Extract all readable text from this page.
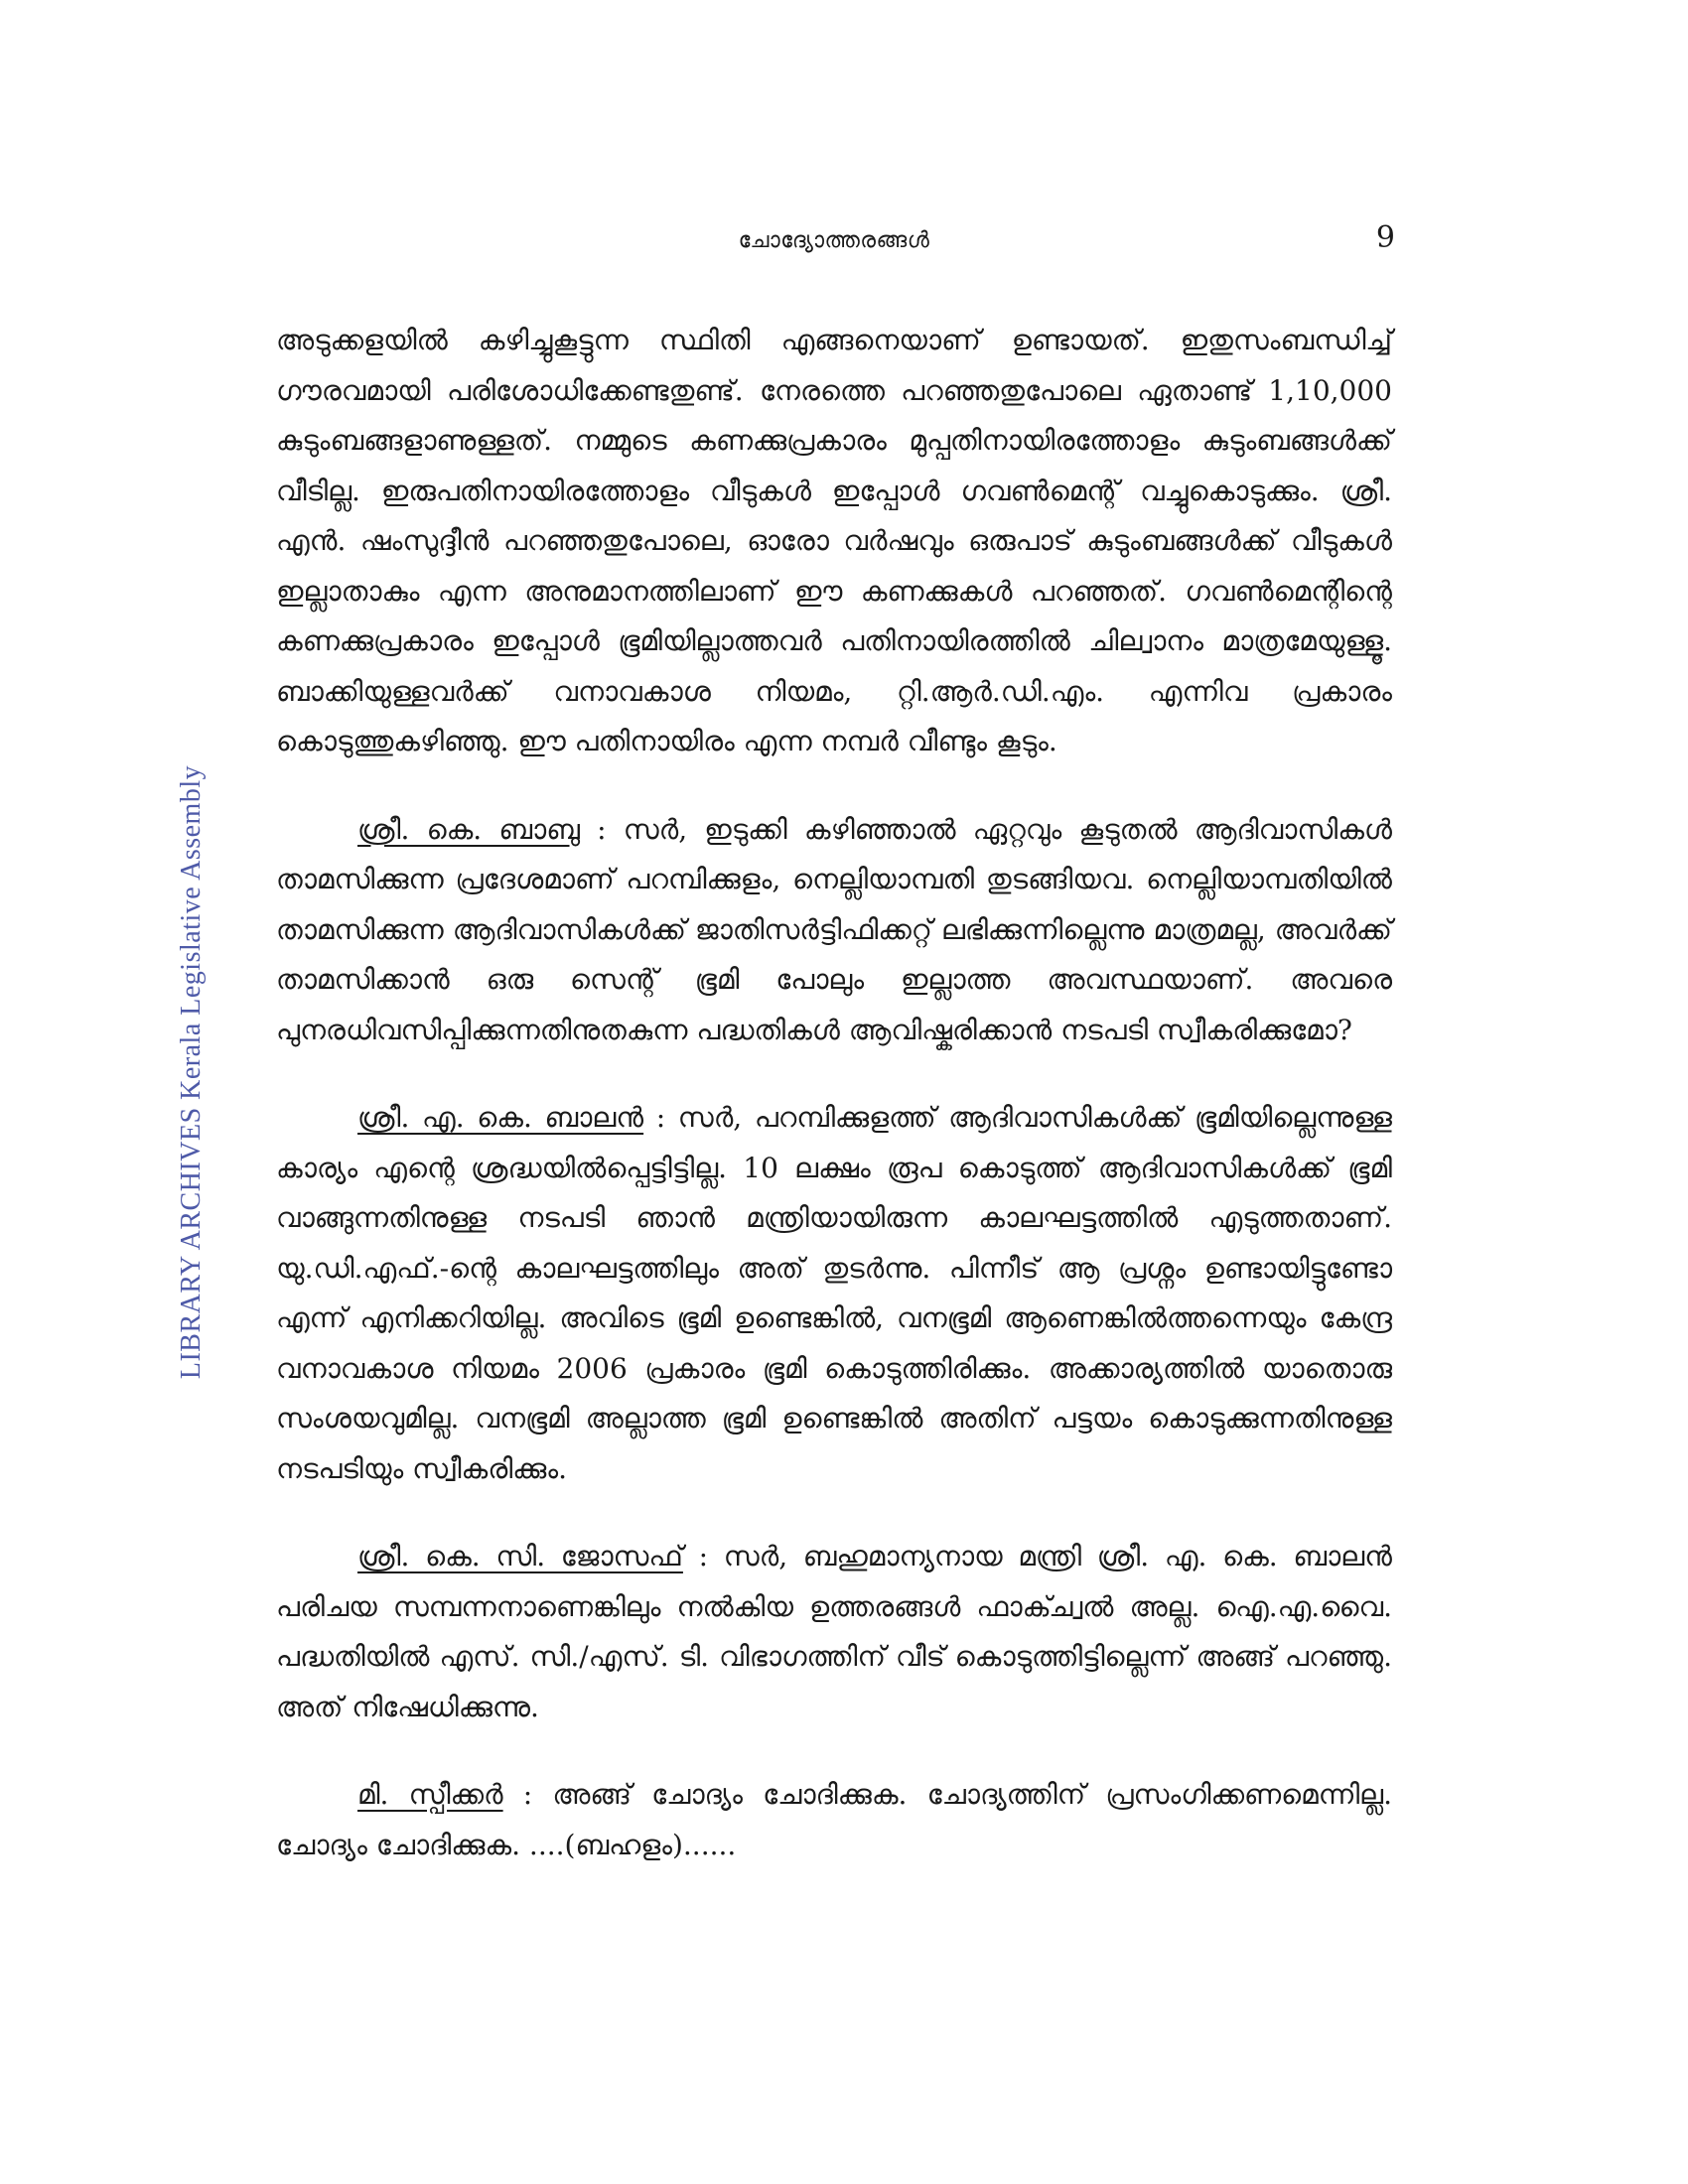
ചോദ്യോത്തരങ്ങൾ	9
LIBRARY ARCHIVES Kerala Legislative Assembly

അടുക്കളയിൽ കഴിച്ചുകൂട്ടുന്ന സ്ഥിതി എങ്ങനെയാണ് ഉണ്ടായത്. ഇതുസംബന്ധിച്ച് ഗൗരവമായി പരിശോധിക്കേണ്ടതുണ്ട്. നേരത്തെ പറഞ്ഞതുപോലെ ഏതാണ്ട് 1,10,000 കുടുംബങ്ങളാണുള്ളത്. നമ്മുടെ കണക്കുപ്രകാരം മുപ്പതിനായിരത്തോളം കുടുംബങ്ങൾക്ക് വീടില്ല. ഇരുപതിനായിരത്തോളം വീടുകൾ ഇപ്പോൾ ഗവൺമെന്റ് വച്ചുകൊടുക്കും. ശ്രീ. എൻ. ഷംസുദ്ദീൻ പറഞ്ഞതുപോലെ, ഓരോ വർഷവും ഒരുപാട് കുടുംബങ്ങൾക്ക് വീടുകൾ ഇല്ലാതാകും എന്ന അനുമാനത്തിലാണ് ഈ കണക്കുകൾ പറഞ്ഞത്. ഗവൺമെന്റിന്റെ കണക്കുപ്രകാരം ഇപ്പോൾ ഭൂമിയില്ലാത്തവർ പതിനായിരത്തിൽ ചില്വാനം മാത്രമേയുള്ളൂ. ബാക്കിയുള്ളവർക്ക് വനാവകാശ നിയമം, റ്റി.ആർ.ഡി.എം. എന്നിവ പ്രകാരം കൊടുത്തുകഴിഞ്ഞു. ഈ പതിനായിരം എന്ന നമ്പർ വീണ്ടും കൂടും.

ശ്രീ. കെ. ബാബു : സർ, ഇടുക്കി കഴിഞ്ഞാൽ ഏറ്റവും കൂടുതൽ ആദിവാസികൾ താമസിക്കുന്ന പ്രദേശമാണ് പറമ്പിക്കുളം, നെല്ലിയാമ്പതി തുടങ്ങിയവ. നെല്ലിയാമ്പതിയിൽ താമസിക്കുന്ന ആദിവാസികൾക്ക് ജാതിസർട്ടിഫിക്കറ്റ് ലഭിക്കുന്നില്ലെന്നു മാത്രമല്ല, അവർക്ക് താമസിക്കാൻ ഒരു സെന്റ് ഭൂമി പോലും ഇല്ലാത്ത അവസ്ഥയാണ്. അവരെ പുനരധിവസിപ്പിക്കുന്നതിനുതകുന്ന പദ്ധതികൾ ആവിഷ്കരിക്കാൻ നടപടി സ്വീകരിക്കുമോ?

ശ്രീ. എ. കെ. ബാലൻ : സർ, പറമ്പിക്കുളത്ത് ആദിവാസികൾക്ക് ഭൂമിയില്ലെന്നുള്ള കാര്യം എന്റെ ശ്രദ്ധയിൽപ്പെട്ടിട്ടില്ല. 10 ലക്ഷം രൂപ കൊടുത്ത് ആദിവാസികൾക്ക് ഭൂമി വാങ്ങുന്നതിനുള്ള നടപടി ഞാൻ മന്ത്രിയായിരുന്ന കാലഘട്ടത്തിൽ എടുത്തതാണ്. യു.ഡി.എഫ്.-ന്റെ കാലഘട്ടത്തിലും അത് തുടർന്നു. പിന്നീട് ആ പ്രശ്നം ഉണ്ടായിട്ടുണ്ടോ എന്ന് എനിക്കറിയില്ല. അവിടെ ഭൂമി ഉണ്ടെങ്കിൽ, വനഭൂമി ആണെങ്കിൽത്തന്നെയും കേന്ദ്ര വനാവകാശ നിയമം 2006 പ്രകാരം ഭൂമി കൊടുത്തിരിക്കും. അക്കാര്യത്തിൽ യാതൊരു സംശയവുമില്ല. വനഭൂമി അല്ലാത്ത ഭൂമി ഉണ്ടെങ്കിൽ അതിന് പട്ടയം കൊടുക്കുന്നതിനുള്ള നടപടിയും സ്വീകരിക്കും.

ശ്രീ. കെ. സി. ജോസഫ് : സർ, ബഹുമാന്യനായ മന്ത്രി ശ്രീ. എ. കെ. ബാലൻ പരിചയ സമ്പന്നനാണെങ്കിലും നൽകിയ ഉത്തരങ്ങൾ ഫാക്ച്വൽ അല്ല. ഐ.എ.വൈ. പദ്ധതിയിൽ എസ്. സി./എസ്. ടി. വിഭാഗത്തിന് വീട് കൊടുത്തിട്ടില്ലെന്ന് അങ്ങ് പറഞ്ഞു. അത് നിഷേധിക്കുന്നു.

മി. സ്പീക്കർ : അങ്ങ് ചോദ്യം ചോദിക്കുക. ചോദ്യത്തിന് പ്രസംഗിക്കണമെന്നില്ല. ചോദ്യം ചോദിക്കുക. ....(ബഹളം)......
